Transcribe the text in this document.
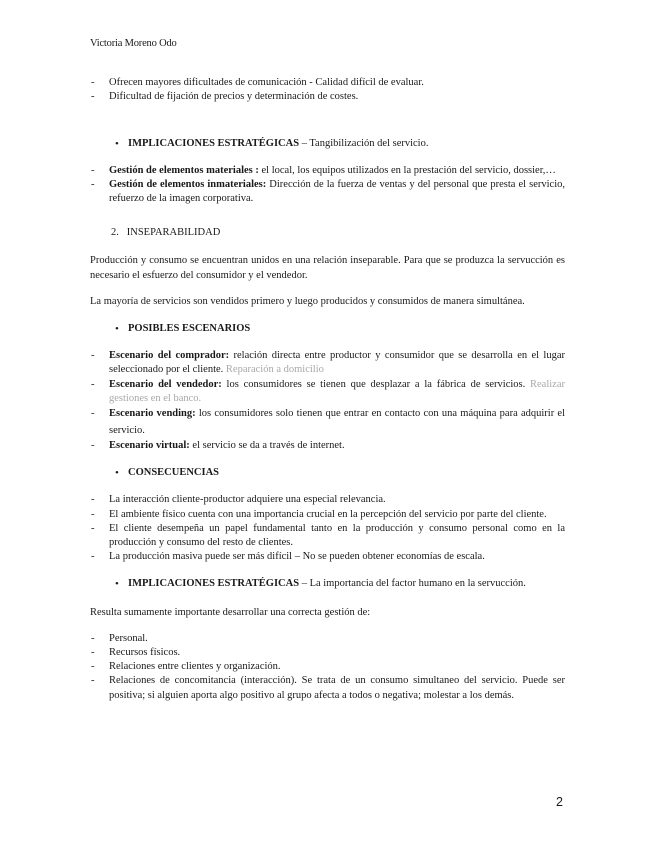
Victoria Moreno Odo
- Ofrecen mayores dificultades de comunicación - Calidad difícil de evaluar.
- Dificultad de fijación de precios y determinación de costes.
• IMPLICACIONES ESTRATÉGICAS – Tangibilización del servicio.
- Gestión de elementos materiales : el local, los equipos utilizados en la prestación del servicio, dossier,…
- Gestión de elementos inmateriales: Dirección de la fuerza de ventas y del personal que presta el servicio, refuerzo de la imagen corporativa.
2.   INSEPARABILIDAD

Producción y consumo se encuentran unidos en una relación inseparable. Para que se produzca la servucción es necesario el esfuerzo del consumidor y el vendedor.

La mayoría de servicios son vendidos primero y luego producidos y consumidos de manera simultánea.

• POSIBLES ESCENARIOS
- Escenario del comprador: relación directa entre productor y consumidor que se desarrolla en el lugar seleccionado por el cliente. Reparación a domicilio
- Escenario del vendedor: los consumidores se tienen que desplazar a la fábrica de servicios. Realizar gestiones en el banco.
- Escenario vending: los consumidores solo tienen que entrar en contacto con una máquina para adquirir el servicio.
- Escenario virtual: el servicio se da a través de internet.
• CONSECUENCIAS
- La interacción cliente-productor adquiere una especial relevancia.
- El ambiente físico cuenta con una importancia crucial en la percepción del servicio por parte del cliente.
- El cliente desempeña un papel fundamental tanto en la producción y consumo personal como en la producción y consumo del resto de clientes.
- La producción masiva puede ser más difícil – No se pueden obtener economías de escala.
• IMPLICACIONES ESTRATÉGICAS – La importancia del factor humano en la servucción.

Resulta sumamente importante desarrollar una correcta gestión de:

- Personal.
- Recursos físicos.
- Relaciones entre clientes y organización.
- Relaciones de concomitancia (interacción). Se trata de un consumo simultaneo del servicio. Puede ser positiva; si alguien aporta algo positivo al grupo afecta a todos o negativa; molestar a los demás.
2
